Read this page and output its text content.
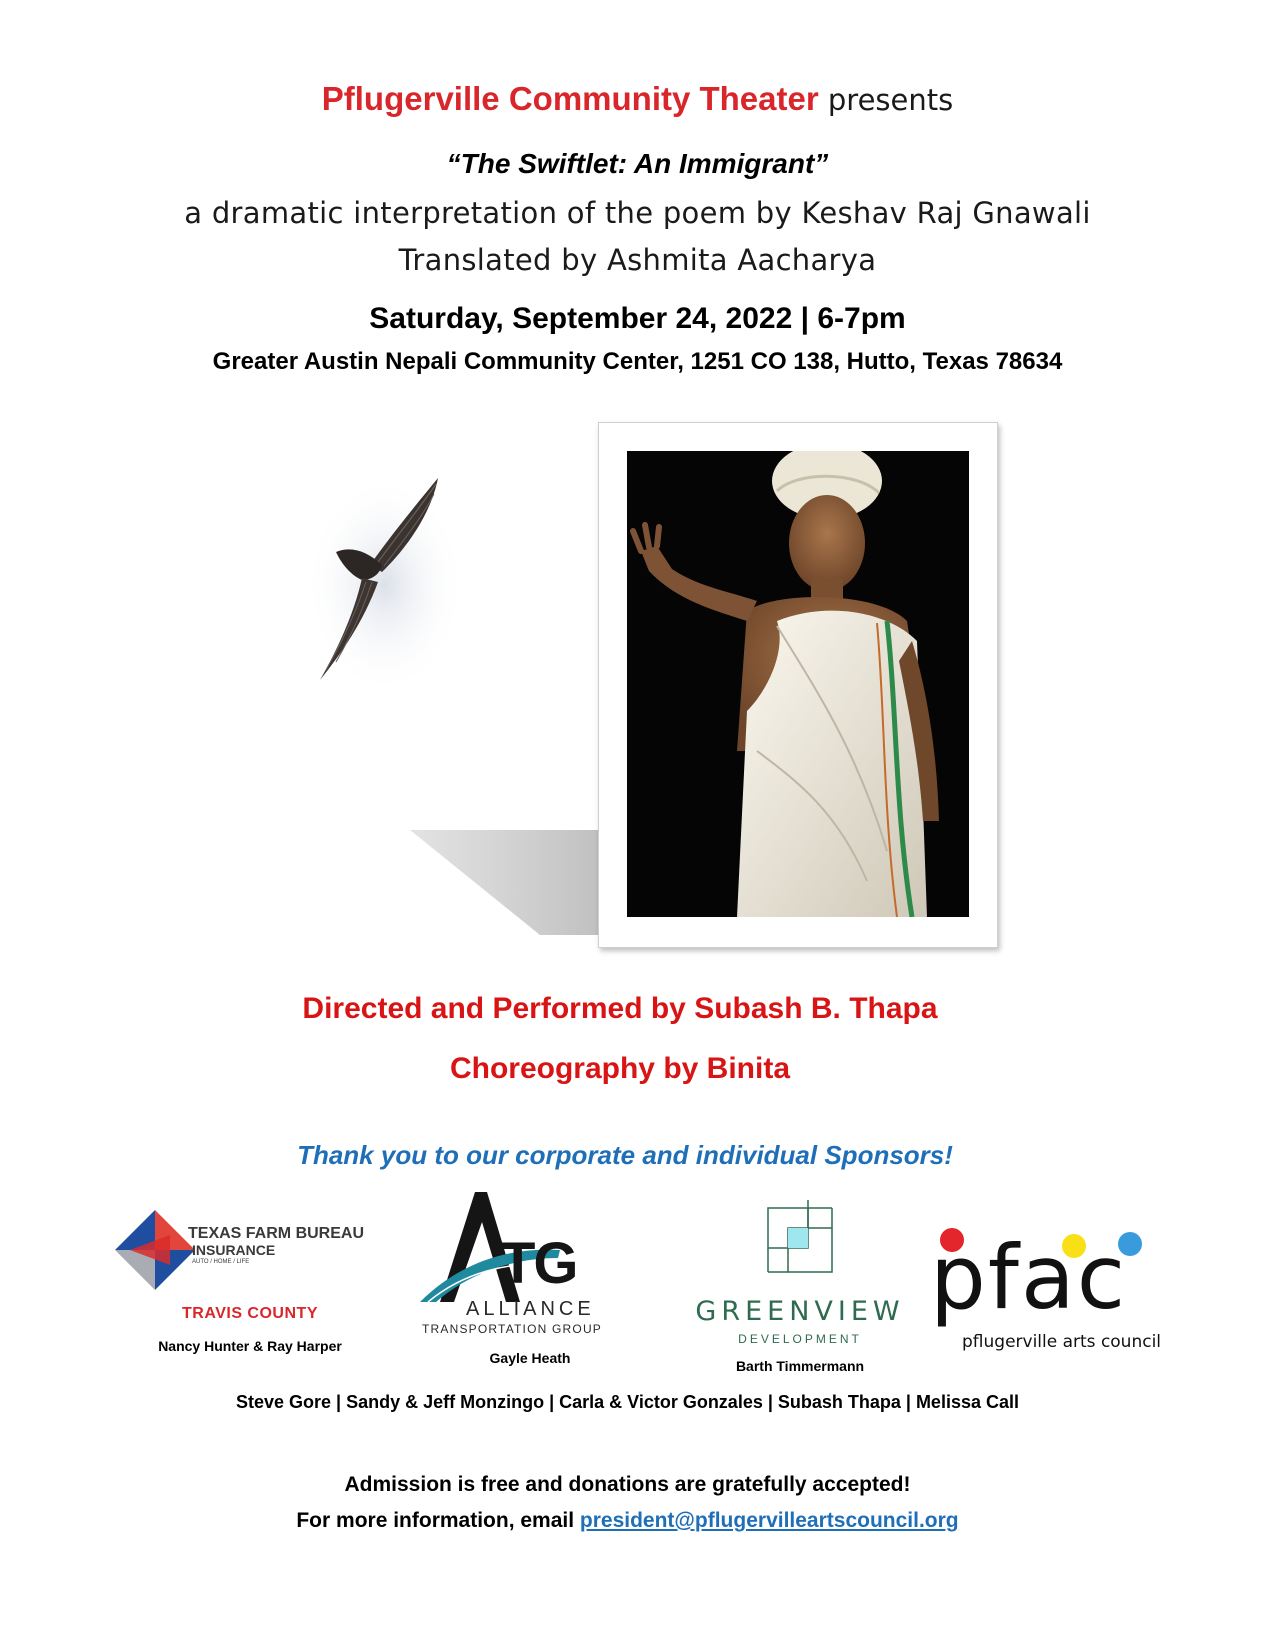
Pflugerville Community Theater presents
“The Swiftlet: An Immigrant”
a dramatic interpretation of the poem by Keshav Raj Gnawali
Translated by Ashmita Aacharya
Saturday, September 24, 2022 | 6-7pm
Greater Austin Nepali Community Center, 1251 CO 138, Hutto, Texas 78634
Directed and Performed by Subash B. Thapa
Choreography by Binita
Thank you to our corporate and individual Sponsors!
TEXAS FARM BUREAU
INSURANCE
AUTO / HOME / LIFE
TRAVIS COUNTY
Nancy Hunter & Ray Harper
TG
ALLIANCE
TRANSPORTATION GROUP
Gayle Heath
GREENVIEW
DEVELOPMENT
Barth Timmermann
pfac
pflugerville arts council
Steve Gore | Sandy & Jeff Monzingo | Carla & Victor Gonzales | Subash Thapa | Melissa Call
Admission is free and donations are gratefully accepted!
For more information, email president@pflugervilleartscouncil.org
